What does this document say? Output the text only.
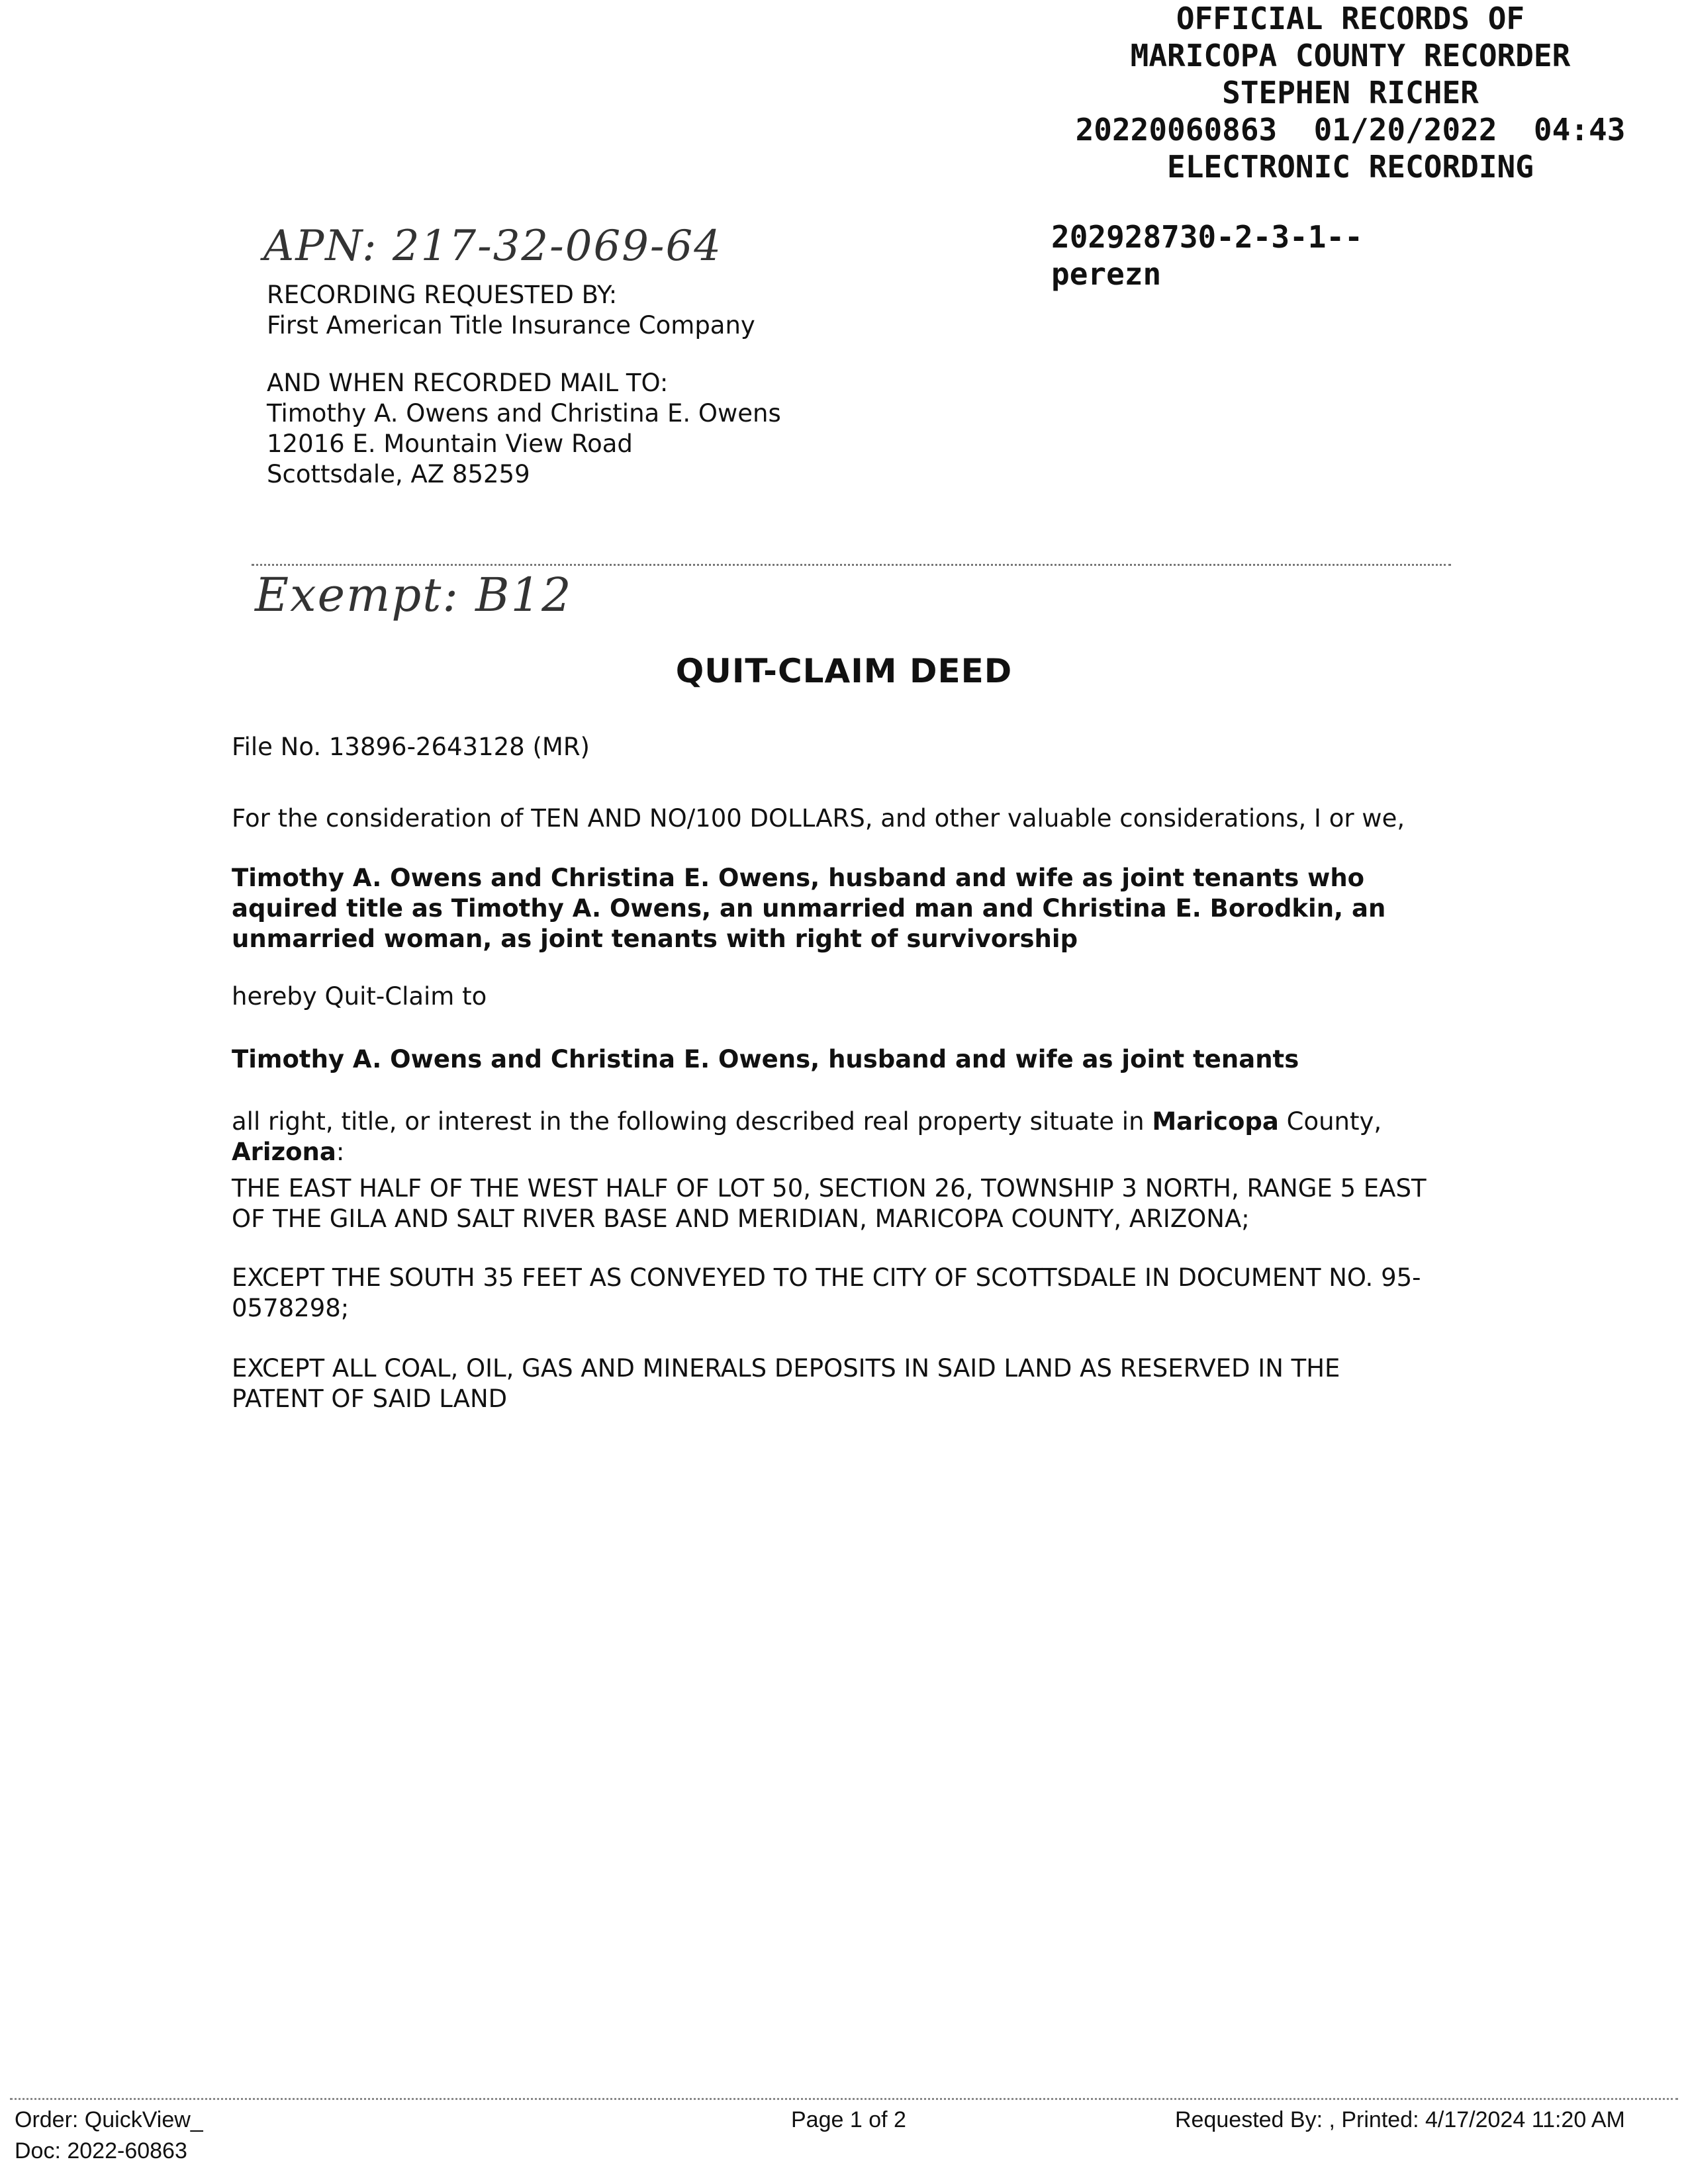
OFFICIAL RECORDS OF
MARICOPA COUNTY RECORDER
STEPHEN RICHER
20220060863  01/20/2022  04:43
ELECTRONIC RECORDING
202928730-2-3-1--
perezn
APN: 217-32-069-64
RECORDING REQUESTED BY:
First American Title Insurance Company
AND WHEN RECORDED MAIL TO:
Timothy A. Owens and Christina E. Owens
12016 E. Mountain View Road
Scottsdale, AZ 85259
Exempt: B12
QUIT-CLAIM DEED
File No. 13896-2643128 (MR)
For the consideration of TEN AND NO/100 DOLLARS, and other valuable considerations, I or we,
Timothy A. Owens and Christina E. Owens, husband and wife as joint tenants who aquired title as Timothy A. Owens, an unmarried man and Christina E. Borodkin, an unmarried woman, as joint tenants with right of survivorship
hereby Quit-Claim to
Timothy A. Owens and Christina E. Owens, husband and wife as joint tenants
all right, title, or interest in the following described real property situate in Maricopa County, Arizona:
THE EAST HALF OF THE WEST HALF OF LOT 50, SECTION 26, TOWNSHIP 3 NORTH, RANGE 5 EAST OF THE GILA AND SALT RIVER BASE AND MERIDIAN, MARICOPA COUNTY, ARIZONA;
EXCEPT THE SOUTH 35 FEET AS CONVEYED TO THE CITY OF SCOTTSDALE IN DOCUMENT NO. 95-0578298;
EXCEPT ALL COAL, OIL, GAS AND MINERALS DEPOSITS IN SAID LAND AS RESERVED IN THE PATENT OF SAID LAND
Order: QuickView_
Doc: 2022-60863
Page 1 of 2	Requested By: , Printed: 4/17/2024 11:20 AM
